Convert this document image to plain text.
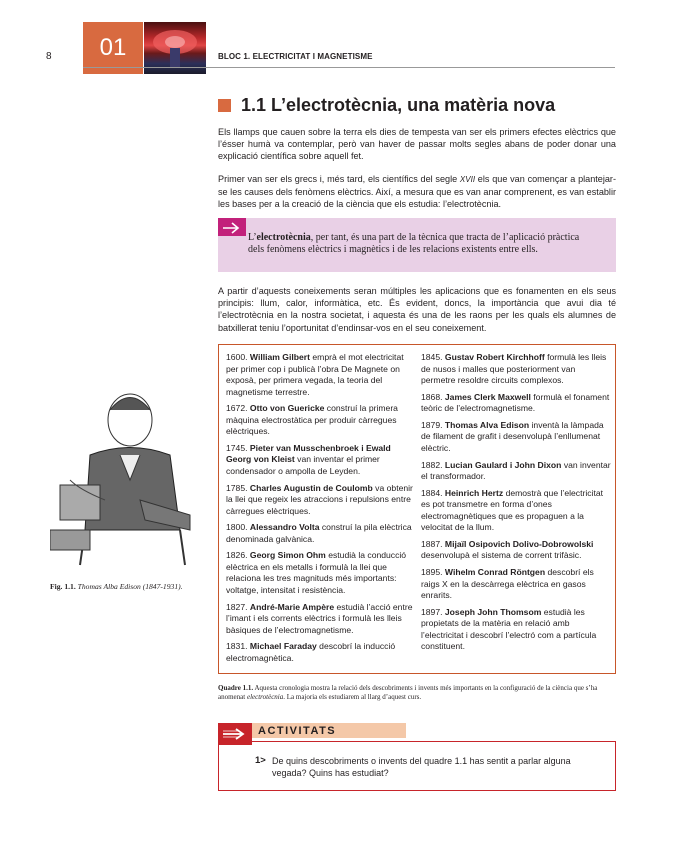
8	01	BLOC 1. ELECTRICITAT I MAGNETISME
1.1 L’electrotècnia, una matèria nova
Els llamps que cauen sobre la terra els dies de tempesta van ser els primers efectes elèctrics que l’ésser humà va contemplar, però van haver de passar molts segles abans de poder donar una explicació científica sobre aquell fet.
Primer van ser els grecs i, més tard, els científics del segle XVII els que van començar a plantejar-se les causes dels fenòmens elèctrics. Així, a mesura que es van anar comprenent, es van establir les bases per a la creació de la ciència que els estudia: l’electrotècnia.
L’electrotècnia, per tant, és una part de la tècnica que tracta de l’aplicació pràctica dels fenòmens elèctrics i magnètics i de les relacions existents entre ells.
A partir d’aquests coneixements seran múltiples les aplicacions que es fonamenten en els seus principis: llum, calor, informàtica, etc. És evident, doncs, la importància que avui dia té l’electrotècnia en la nostra societat, i aquesta és una de les raons per les quals els alumnes de batxillerat teniu l’oportunitat d’endinsar-vos en el seu coneixement.
Fig. 1.1. Thomas Alba Edison (1847-1931).

1600. William Gilbert emprà el mot electricitat per primer cop i publicà l’obra De Magnete on exposà, per primera vegada, la teoria del magnetisme terrestre.

1672. Otto von Guericke construí la primera màquina electrostàtica per produir càrregues elèctriques.

1745. Pieter van Musschenbroek i Ewald Georg von Kleist van inventar el primer condensador o ampolla de Leyden.

1785. Charles Augustin de Coulomb va obtenir la llei que regeix les atraccions i repulsions entre càrregues elèctriques.

1800. Alessandro Volta construí la pila elèctrica denominada galvànica.

1826. Georg Simon Ohm estudià la conducció elèctrica en els metalls i formulà la llei que relaciona les tres magnituds més importants: voltatge, intensitat i resistència.

1827. André-Marie Ampère estudià l’acció entre l’imant i els corrents elèctrics i formulà les lleis bàsiques de l’electromagnetisme.

1831. Michael Faraday descobrí la inducció electromagnètica.

1845. Gustav Robert Kirchhoff formulà les lleis de nusos i malles que posteriorment van permetre resoldre circuits complexos.

1868. James Clerk Maxwell formulà el fonament teòric de l’electromagnetisme.

1879. Thomas Alva Edison inventà la làmpada de filament de grafit i desenvolupà l’enllumenat elèctric.

1882. Lucian Gaulard i John Dixon van inventar el transformador.

1884. Heinrich Hertz demostrà que l’electricitat es pot transmetre en forma d’ones electromagnètiques que es propaguen a la velocitat de la llum.

1887. Mijaïl Osipovich Dolivo-Dobrowolski desenvolupà el sistema de corrent trifàsic.

1895. Wihelm Conrad Röntgen descobrí els raigs X en la descàrrega elèctrica en gasos enrarits.

1897. Joseph John Thomsom estudià les propietats de la matèria en relació amb l’electricitat i descobrí l’electró com a partícula constituent.

Quadre 1.1. Aquesta cronologia mostra la relació dels descobriments i invents més importants en la configuració de la ciència que s’ha anomenat electrotècnia. La majoria els estudiarem al llarg d’aquest curs.
ACTIVITATS
1> De quins descobriments o invents del quadre 1.1 has sentit a parlar alguna vegada? Quins has estudiat?
